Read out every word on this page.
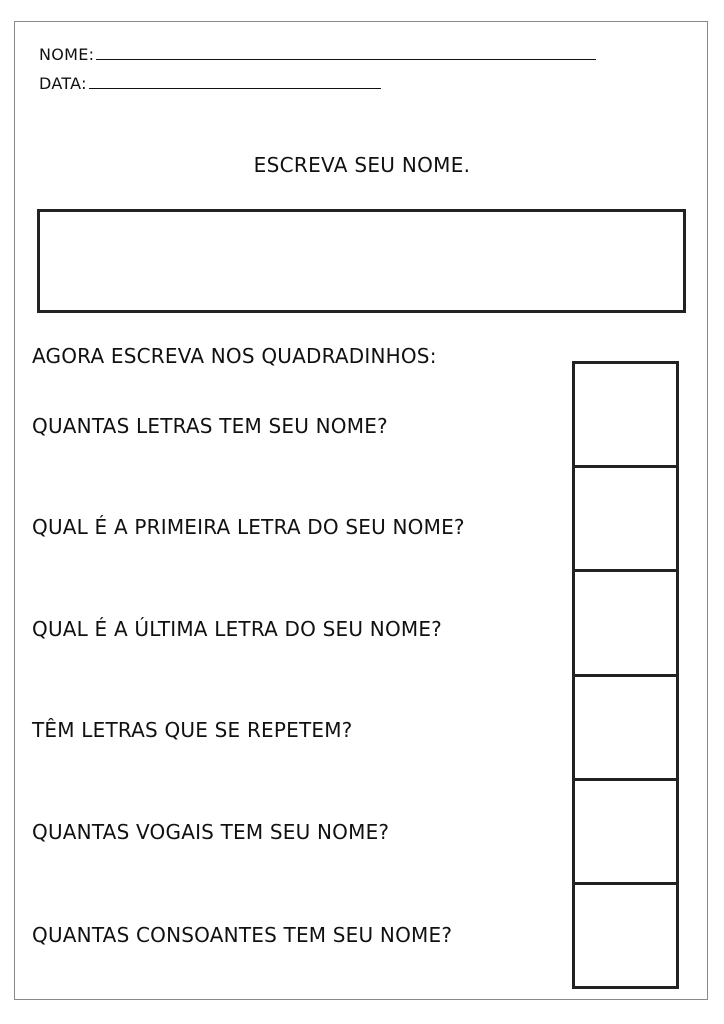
NOME:
DATA:
ESCREVA SEU NOME.
AGORA ESCREVA NOS QUADRADINHOS:
QUANTAS LETRAS TEM SEU NOME?
QUAL É A PRIMEIRA LETRA DO SEU NOME?
QUAL É A ÚLTIMA LETRA DO SEU NOME?
TÊM LETRAS QUE SE REPETEM?
QUANTAS VOGAIS TEM SEU NOME?
QUANTAS CONSOANTES TEM SEU NOME?
